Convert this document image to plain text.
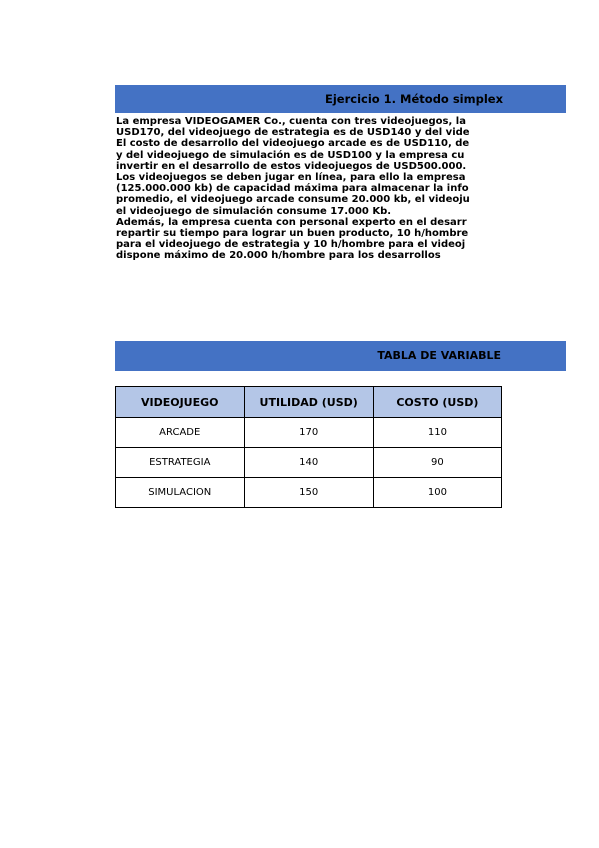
Ejercicio 1. Método simplex
La empresa VIDEOGAMER Co., cuenta con tres videojuegos, la
USD170, del videojuego de estrategia es de USD140 y del vide
El costo de desarrollo del videojuego arcade es de USD110, de
y del videojuego de simulación es de USD100 y la empresa cu
invertir en el desarrollo de estos videojuegos de USD500.000.
Los videojuegos se deben jugar en línea, para ello la empresa
(125.000.000 kb) de capacidad máxima para almacenar la info
promedio, el videojuego arcade consume 20.000 kb, el videoju
el videojuego de simulación consume 17.000 Kb.
Además, la empresa cuenta con personal experto en el desarr
repartir su tiempo para lograr un buen producto, 10 h/hombre
para el videojuego de estrategia y 10 h/hombre para el videoj
dispone máximo de 20.000 h/hombre para los desarrollos
TABLA DE VARIABLE
VIDEOJUEGO	UTILIDAD (USD)	COSTO (USD)
ARCADE	170	110
ESTRATEGIA	140	90
SIMULACION	150	100
